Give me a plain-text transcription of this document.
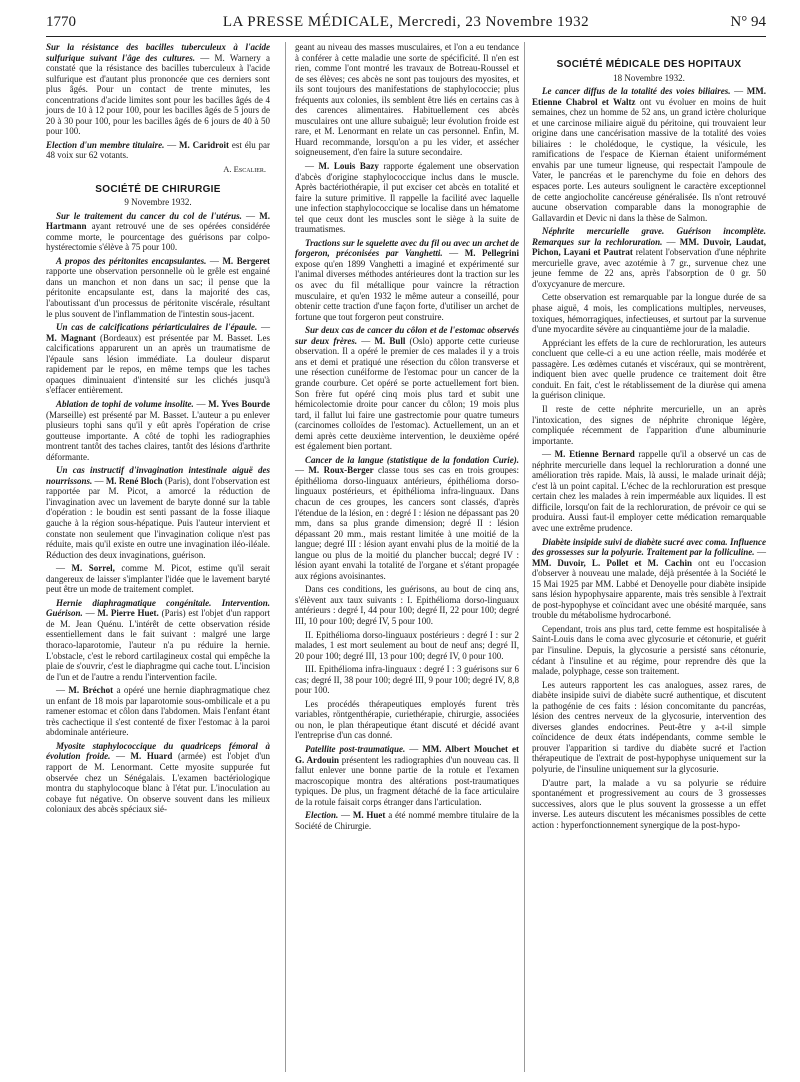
1770	LA PRESSE MÉDICALE, Mercredi, 23 Novembre 1932	N° 94

Sur la résistance des bacilles tuberculeux à l'acide sulfurique suivant l'âge des cultures. — M. Warnery a constaté que la résistance des bacilles tuberculeux à l'acide sulfurique est d'autant plus prononcée que ces derniers sont plus âgés. Pour un contact de trente minutes, les concentrations d'acide limites sont pour les bacilles âgés de 4 jours de 10 à 12 pour 100, pour les bacilles âgés de 5 jours de 20 à 30 pour 100, pour les bacilles âgés de 6 jours de 40 à 50 pour 100.

Election d'un membre titulaire. — M. Caridroit est élu par 48 voix sur 62 votants.

A. Escalier.
SOCIÉTÉ DE CHIRURGIE
9 Novembre 1932.

Sur le traitement du cancer du col de l'utérus. — M. Hartmann ayant retrouvé une de ses opérées considérée comme morte, le pourcentage des guérisons par colpo-hystérectomie s'élève à 75 pour 100.

A propos des péritonites encapsulantes. — M. Bergeret rapporte une observation personnelle où le grêle est engainé dans un manchon et non dans un sac; il pense que la péritonite encapsulante est, dans la majorité des cas, l'aboutissant d'un processus de péritonite viscérale, résultant le plus souvent de l'inflammation de l'intestin sous-jacent.

Un cas de calcifications périarticulaires de l'épaule. — M. Magnant (Bordeaux) est présentée par M. Basset. Les calcifications apparurent un an après un traumatisme de l'épaule sans lésion immédiate. La douleur disparut rapidement par le repos, en même temps que les taches opaques diminuaient d'intensité sur les clichés jusqu'à s'effacer entièrement.

Ablation de tophi de volume insolite. — M. Yves Bourde (Marseille) est présenté par M. Basset. L'auteur a pu enlever plusieurs tophi sans qu'il y eût après l'opération de crise goutteuse importante. A côté de tophi les radiographies montrent tantôt des taches claires, tantôt des lésions d'arthrite déformante.

Un cas instructif d'invagination intestinale aiguë des nourrissons. — M. René Bloch (Paris), dont l'observation est rapportée par M. Picot, a amorcé la réduction de l'invagination avec un lavement de baryte donné sur la table d'opération : le boudin est senti passant de la fosse iliaque gauche à la région sous-hépatique. Puis l'auteur intervient et constate non seulement que l'invagination colique n'est pas réduite, mais qu'il existe en outre une invagination iléo-iléale. Réduction des deux invaginations, guérison.

— M. Sorrel, comme M. Picot, estime qu'il serait dangereux de laisser s'implanter l'idée que le lavement baryté peut être un mode de traitement complet.

Hernie diaphragmatique congénitale. Intervention. Guérison. — M. Pierre Huet. (Paris) est l'objet d'un rapport de M. Jean Quénu. L'intérêt de cette observation réside essentiellement dans le fait suivant : malgré une large thoraco-laparotomie, l'auteur n'a pu réduire la hernie. L'obstacle, c'est le rebord cartilagineux costal qui empêche la plaie de s'ouvrir, c'est le diaphragme qui cache tout. L'incision de l'un et de l'autre a rendu l'intervention facile.

— M. Bréchot a opéré une hernie diaphragmatique chez un enfant de 18 mois par laparotomie sous-ombilicale et a pu ramener estomac et côlon dans l'abdomen. Mais l'enfant étant très cachectique il s'est contenté de fixer l'estomac à la paroi abdominale antérieure.

Myosite staphylococcique du quadriceps fémoral à évolution froide. — M. Huard (armée) est l'objet d'un rapport de M. Lenormant. Cette myosite suppurée fut observée chez un Sénégalais. L'examen bactériologique montra du staphylocoque blanc à l'état pur. L'inoculation au cobaye fut négative. On observe souvent dans les milieux coloniaux des abcès spéciaux sié-

geant au niveau des masses musculaires, et l'on a eu tendance à conférer à cette maladie une sorte de spécificité. Il n'en est rien, comme l'ont montré les travaux de Botreau-Roussel et de ses élèves; ces abcès ne sont pas toujours des myosites, et ils sont toujours des manifestations de staphylococcie; plus fréquents aux colonies, ils semblent être liés en certains cas à des carences alimentaires. Habituellement ces abcès musculaires ont une allure subaiguë; leur évolution froide est rare, et M. Lenormant en relate un cas personnel. Enfin, M. Huard recommande, lorsqu'on a pu les vider, et assécher soigneusement, d'en faire la suture secondaire.

— M. Louis Bazy rapporte également une observation d'abcès d'origine staphylococcique inclus dans le muscle. Après bactériothérapie, il put exciser cet abcès en totalité et faire la suture primitive. Il rappelle la facilité avec laquelle une infection staphylococcique se localise dans un hématome tel que ceux dont les muscles sont le siège à la suite de traumatismes.

Tractions sur le squelette avec du fil ou avec un archet de forgeron, préconisées par Vanghetti. — M. Pellegrini expose qu'en 1899 Vanghetti a imaginé et expérimenté sur l'animal diverses méthodes antérieures dont la traction sur les os avec du fil métallique pour vaincre la rétraction musculaire, et qu'en 1932 le même auteur a conseillé, pour obtenir cette traction d'une façon forte, d'utiliser un archet de fortune que tout forgeron peut construire.

Sur deux cas de cancer du côlon et de l'estomac observés sur deux frères. — M. Bull (Oslo) apporte cette curieuse observation. Il a opéré le premier de ces malades il y a trois ans et demi et pratiqué une résection du côlon transverse et une résection cunéiforme de l'estomac pour un cancer de la grande courbure. Cet opéré se porte actuellement fort bien. Son frère fut opéré cinq mois plus tard et subit une hémicolectomie droite pour cancer du côlon; 19 mois plus tard, il fallut lui faire une gastrectomie pour quatre tumeurs (carcinomes colloïdes de l'estomac). Actuellement, un an et demi après cette deuxième intervention, le deuxième opéré est également bien portant.

Cancer de la langue (statistique de la fondation Curie). — M. Roux-Berger classe tous ses cas en trois groupes: épithélioma dorso-linguaux antérieurs, épithélioma dorso-linguaux postérieurs, et épithélioma infra-linguaux. Dans chacun de ces groupes, les cancers sont classés, d'après l'étendue de la lésion, en : degré I : lésion ne dépassant pas 20 mm, dans sa plus grande dimension; degré II : lésion dépassant 20 mm., mais restant limitée à une moitié de la langue; degré III : lésion ayant envahi plus de la moitié de la langue ou plus de la moitié du plancher buccal; degré IV : lésion ayant envahi la totalité de l'organe et s'étant propagée aux régions avoisinantes.

Dans ces conditions, les guérisons, au bout de cinq ans, s'élèvent aux taux suivants : I. Epithélioma dorso-linguaux antérieurs : degré I, 44 pour 100; degré II, 22 pour 100; degré III, 10 pour 100; degré IV, 5 pour 100.

II. Epithélioma dorso-linguaux postérieurs : degré I : sur 2 malades, 1 est mort seulement au bout de neuf ans; degré II, 20 pour 100; degré III, 13 pour 100; degré IV, 0 pour 100.

III. Epithélioma infra-linguaux : degré I : 3 guérisons sur 6 cas; degré II, 38 pour 100; degré III, 9 pour 100; degré IV, 8,8 pour 100.

Les procédés thérapeutiques employés furent très variables, röntgenthérapie, curiethérapie, chirurgie, associées ou non, le plan thérapeutique étant discuté et décidé avant l'entreprise d'un cas donné.

Patellite post-traumatique. — MM. Albert Mouchet et G. Ardouin présentent les radiographies d'un nouveau cas. Il fallut enlever une bonne partie de la rotule et l'examen macroscopique montra des altérations post-traumatiques typiques. De plus, un fragment détaché de la face articulaire de la rotule faisait corps étranger dans l'articulation.

Election. — M. Huet a été nommé membre titulaire de la Société de Chirurgie.

SOCIÉTÉ MÉDICALE DES HOPITAUX
18 Novembre 1932.

Le cancer diffus de la totalité des voies biliaires. — MM. Etienne Chabrol et Waltz ont vu évoluer en moins de huit semaines, chez un homme de 52 ans, un grand ictère cholurique et une carcinose miliaire aiguë du péritoine, qui trouvaient leur origine dans une cancérisation massive de la totalité des voies biliaires : le cholédoque, le cystique, la vésicule, les ramifications de l'espace de Kiernan étaient uniformément envahis par une tumeur ligneuse, qui respectait l'ampoule de Vater, le pancréas et le parenchyme du foie en dehors des espaces porte. Les auteurs soulignent le caractère exceptionnel de cette angiocholite cancéreuse généralisée. Ils n'ont retrouvé aucune observation comparable dans la monographie de Gallavardin et Devic ni dans la thèse de Salmon.

Néphrite mercurielle grave. Guérison incomplète. Remarques sur la rechloruration. — MM. Duvoir, Laudat, Pichon, Layani et Pautrat relatent l'observation d'une néphrite mercurielle grave, avec azotémie à 7 gr., survenue chez une jeune femme de 22 ans, après l'absorption de 0 gr. 50 d'oxycyanure de mercure.

Cette observation est remarquable par la longue durée de sa phase aiguë, 4 mois, les complications multiples, nerveuses, toxiques, hémorragiques, infectieuses, et surtout par la survenue d'une myocardite sévère au cinquantième jour de la maladie.

Appréciant les effets de la cure de rechloruration, les auteurs concluent que celle-ci a eu une action réelle, mais modérée et passagère. Les œdèmes cutanés et viscéraux, qui se montrèrent, indiquent bien avec quelle prudence ce traitement doit être conduit. En fait, c'est le rétablissement de la diurèse qui amena la guérison clinique.

Il reste de cette néphrite mercurielle, un an après l'intoxication, des signes de néphrite chronique légère, compliquée récemment de l'apparition d'une albuminurie importante.

— M. Etienne Bernard rappelle qu'il a observé un cas de néphrite mercurielle dans lequel la rechloruration a donné une amélioration très rapide. Mais, là aussi, le malade urinait déjà; c'est là un point capital. L'échec de la rechloruration est presque certain chez les malades à rein imperméable aux liquides. Il est difficile, lorsqu'on fait de la rechloruration, de prévoir ce qui se produira. Aussi faut-il employer cette médication remarquable avec une extrême prudence.

Diabète insipide suivi de diabète sucré avec coma. Influence des grossesses sur la polyurie. Traitement par la folliculine. — MM. Duvoir, L. Pollet et M. Cachin ont eu l'occasion d'observer à nouveau une malade, déjà présentée à la Société le 15 Mai 1925 par MM. Labbé et Denoyelle pour diabète insipide sans lésion hypophysaire apparente, mais très sensible à l'extrait de post-hypophyse et coïncidant avec une obésité marquée, sans trouble du métabolisme hydrocarboné.

Cependant, trois ans plus tard, cette femme est hospitalisée à Saint-Louis dans le coma avec glycosurie et cétonurie, et guérit par l'insuline. Depuis, la glycosurie a persisté sans cétonurie, cédant à l'insuline et au régime, pour reprendre dès que la malade, polyphage, cesse son traitement.

Les auteurs rapportent les cas analogues, assez rares, de diabète insipide suivi de diabète sucré authentique, et discutent la pathogénie de ces faits : lésion concomitante du pancréas, lésion des centres nerveux de la glycosurie, intervention des diverses glandes endocrines. Peut-être y a-t-il simple coïncidence de deux états indépendants, comme semble le prouver l'apparition si tardive du diabète sucré et l'action thérapeutique de l'extrait de post-hypophyse uniquement sur la polyurie, de l'insuline uniquement sur la glycosurie.

D'autre part, la malade a vu sa polyurie se réduire spontanément et progressivement au cours de 3 grossesses successives, alors que le plus souvent la grossesse a un effet inverse. Les auteurs discutent les mécanismes possibles de cette action : hyperfonctionnement synergique de la post-hypo-
